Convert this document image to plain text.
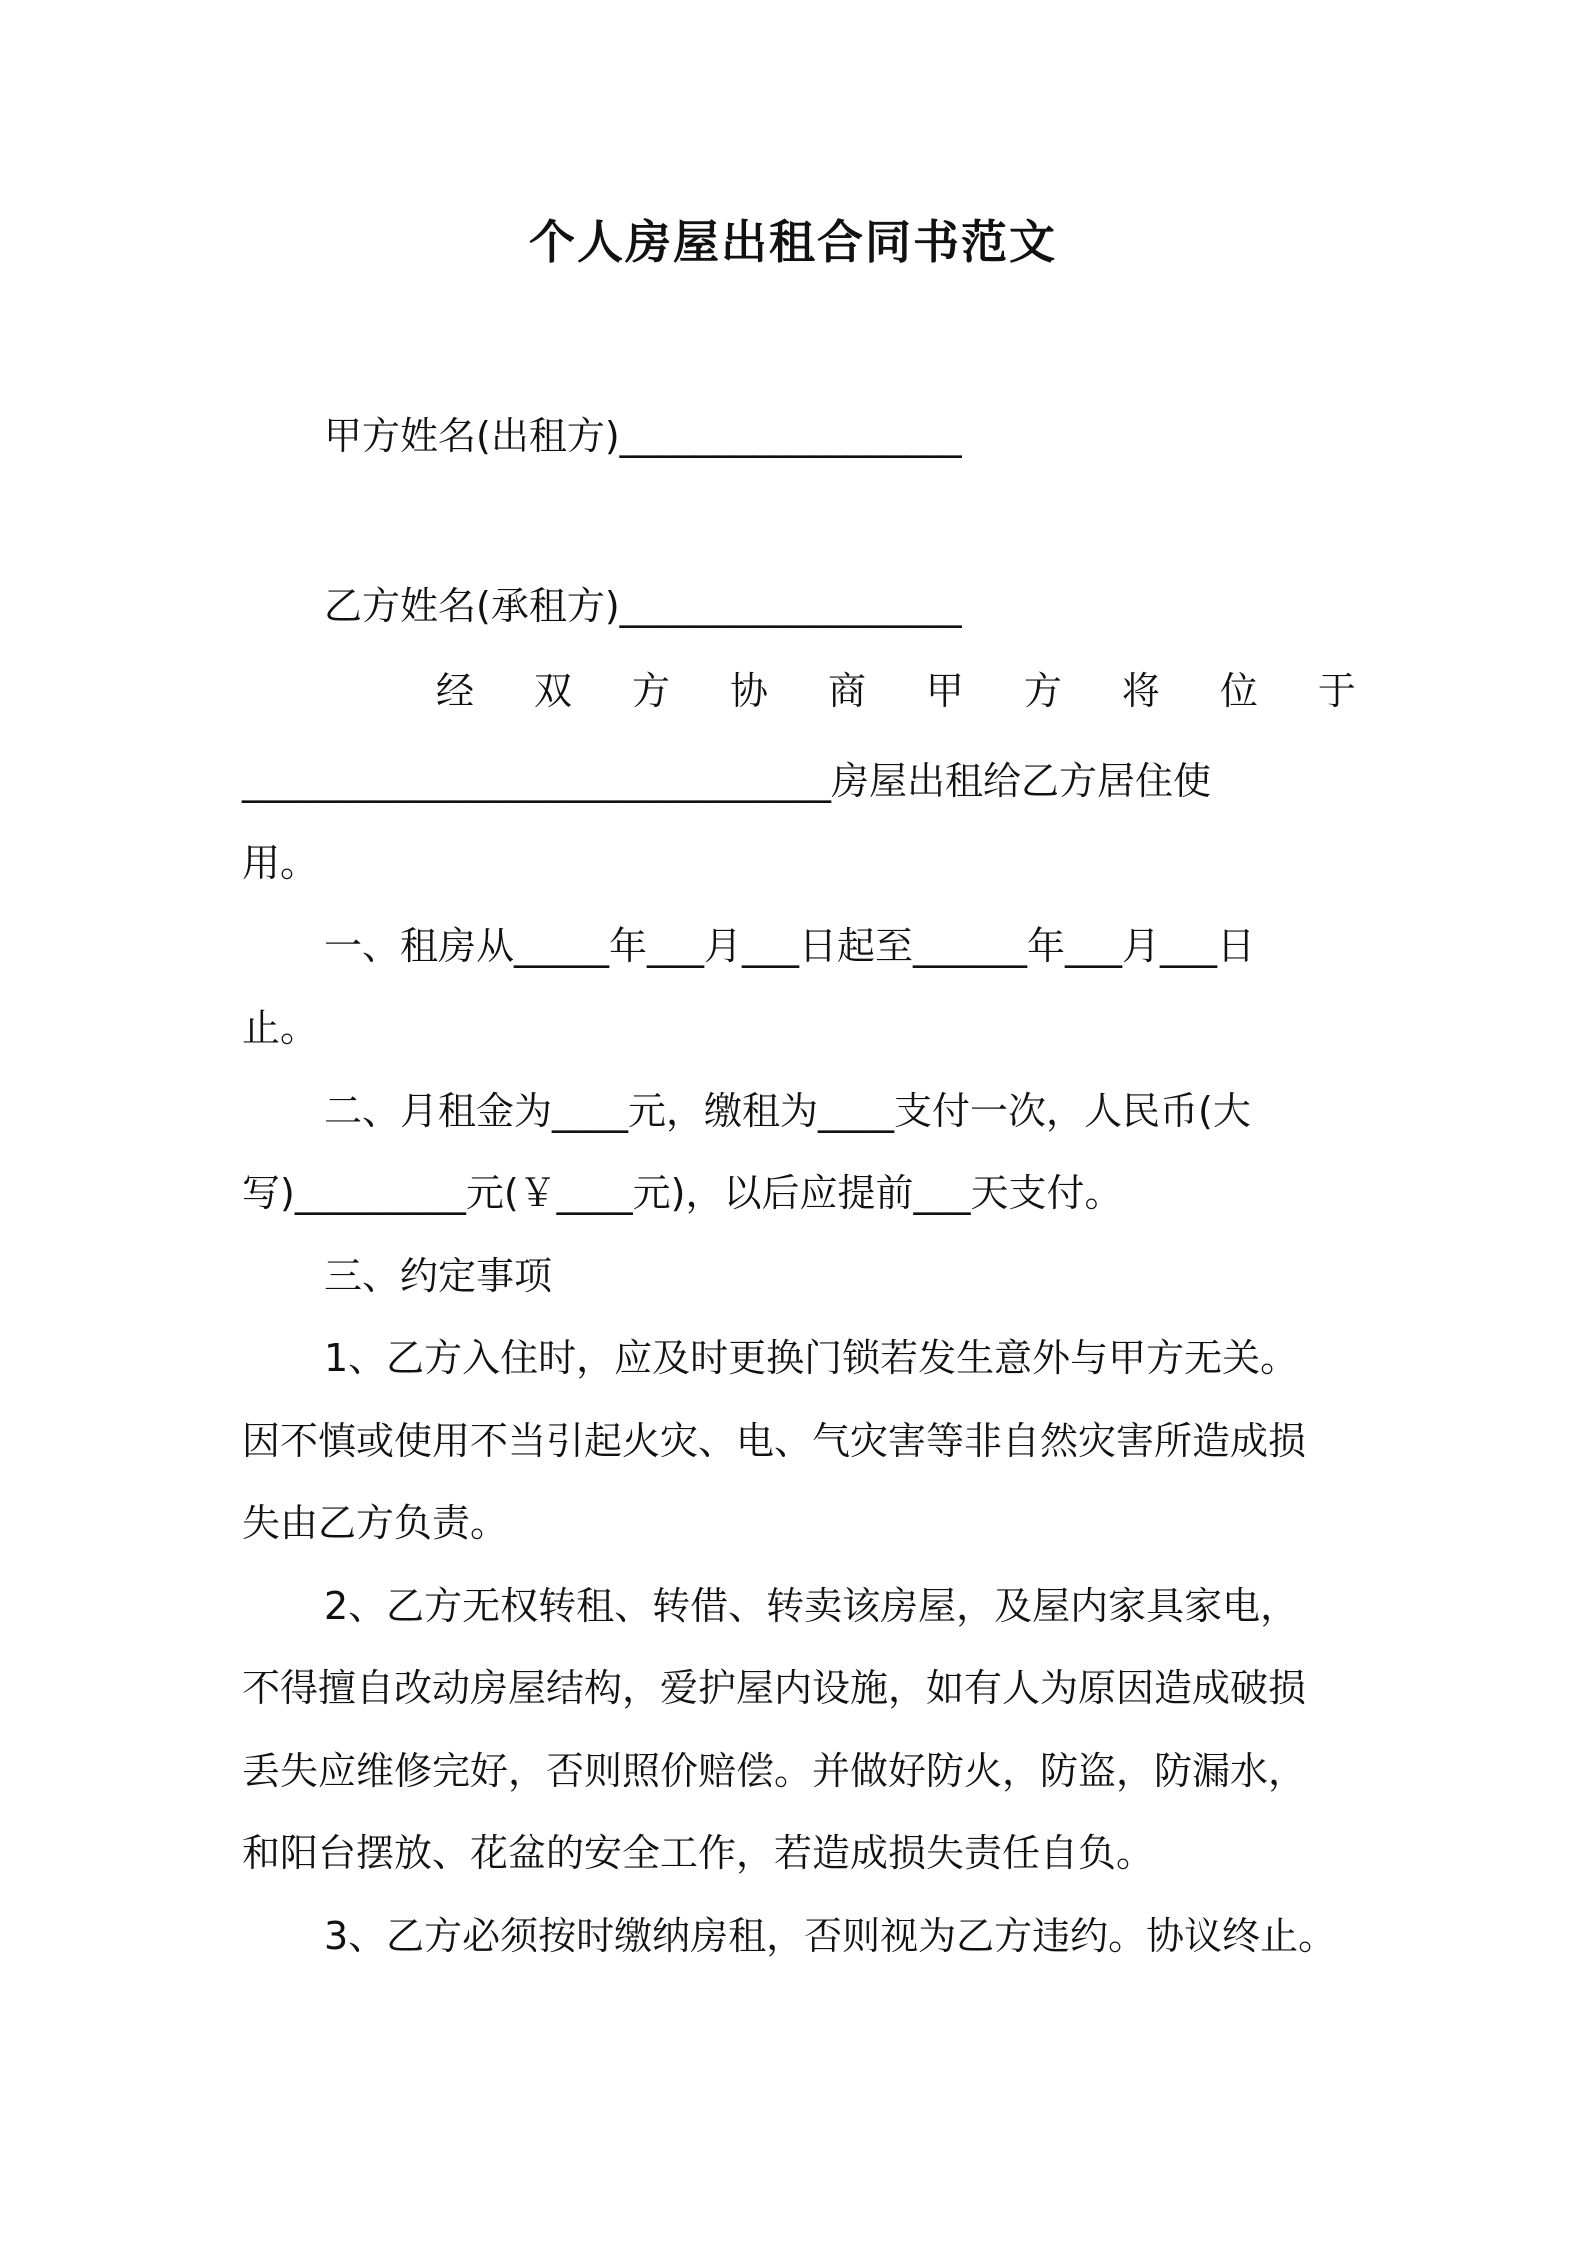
个人房屋出租合同书范文
甲方姓名(出租方)__________________
乙方姓名(承租方)__________________
经 双 方 协 商 甲 方 将 位 于
_______________________________房屋出租给乙方居住使
用。
一、租房从_____年___月___日起至______年___月___日
止。
二、月租金为____元，缴租为____支付一次，人民币(大
写)_________元(￥____元)，以后应提前___天支付。
三、约定事项
1、乙方入住时，应及时更换门锁若发生意外与甲方无关。
因不慎或使用不当引起火灾、电、气灾害等非自然灾害所造成损
失由乙方负责。
2、乙方无权转租、转借、转卖该房屋，及屋内家具家电，
不得擅自改动房屋结构，爱护屋内设施，如有人为原因造成破损
丢失应维修完好，否则照价赔偿。并做好防火，防盗，防漏水，
和阳台摆放、花盆的安全工作，若造成损失责任自负。
3、乙方必须按时缴纳房租，否则视为乙方违约。协议终止。
